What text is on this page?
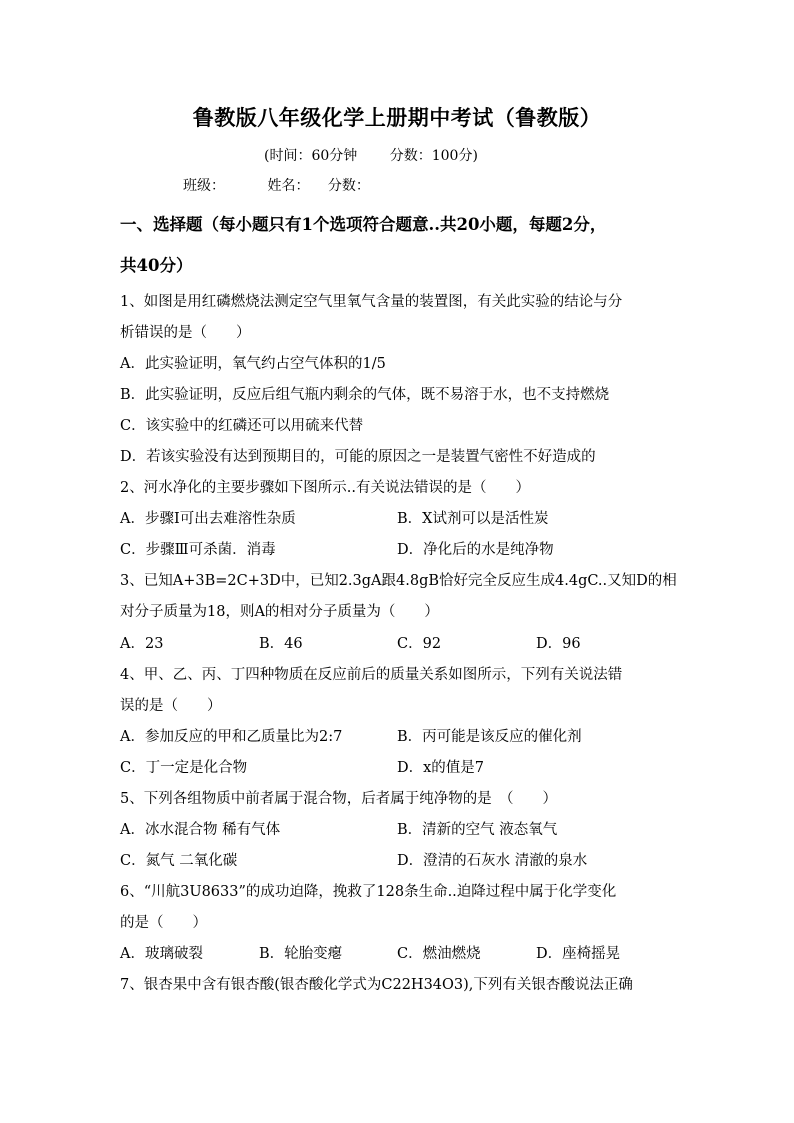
鲁教版八年级化学上册期中考试（鲁教版）
(时间：60分钟 分数：100分)
班级：	姓名： 分数：
一、选择题（每小题只有1个选项符合题意..共20小题，每题2分，
共40分）
1、如图是用红磷燃烧法测定空气里氧气含量的装置图，有关此实验的结论与分
析错误的是（　　）
A．此实验证明，氧气约占空气体积的1/5
B．此实验证明，反应后组气瓶内剩余的气体，既不易溶于水，也不支持燃烧
C．该实验中的红磷还可以用硫来代替
D．若该实验没有达到预期目的，可能的原因之一是装置气密性不好造成的
2、河水净化的主要步骤如下图所示..有关说法错误的是（　　）
A．步骤Ⅰ可出去难溶性杂质	B．X试剂可以是活性炭
C．步骤Ⅲ可杀菌．消毒	D．净化后的水是纯净物
3、已知A+3B=2C+3D中，已知2.3gA跟4.8gB恰好完全反应生成4.4gC..又知D的相
对分子质量为18，则A的相对分子质量为（　　）
A．23	B．46	C．92	D．96
4、甲、乙、丙、丁四种物质在反应前后的质量关系如图所示，下列有关说法错
误的是（　　）
A．参加反应的甲和乙质量比为2:7	B．丙可能是该反应的催化剂
C．丁一定是化合物	D．x的值是7
5、下列各组物质中前者属于混合物，后者属于纯净物的是　（　　）
A．冰水混合物 稀有气体	B．清新的空气 液态氧气
C．氮气 二氧化碳	D．澄清的石灰水 清澈的泉水
6、“川航3U8633”的成功迫降，挽救了128条生命..迫降过程中属于化学变化
的是（　　）
A．玻璃破裂	B．轮胎变瘪	C．燃油燃烧	D．座椅摇晃
7、银杏果中含有银杏酸(银杏酸化学式为C22H34O3),下列有关银杏酸说法正确
